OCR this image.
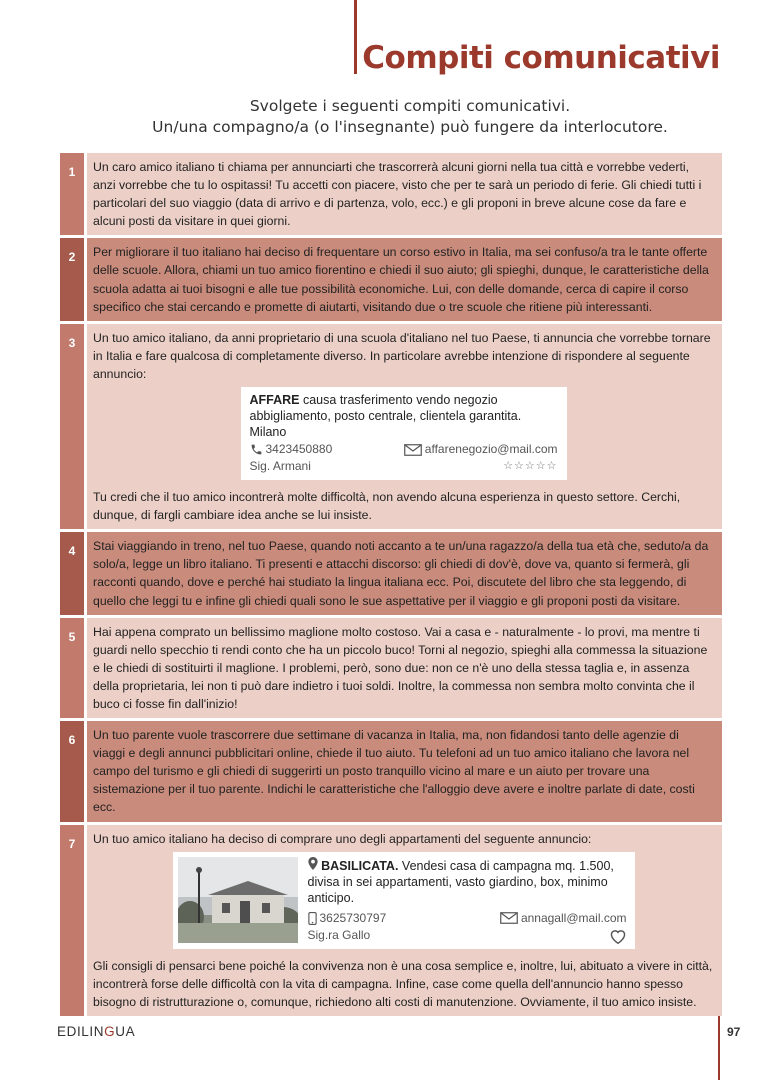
Compiti comunicativi
Svolgete i seguenti compiti comunicativi.
Un/una compagno/a (o l'insegnante) può fungere da interlocutore.
1	Un caro amico italiano ti chiama per annunciarti che trascorrerà alcuni giorni nella tua città e vorrebbe vederti, anzi vorrebbe che tu lo ospitassi! Tu accetti con piacere, visto che per te sarà un periodo di ferie. Gli chiedi tutti i particolari del suo viaggio (data di arrivo e di partenza, volo, ecc.) e gli proponi in breve alcune cose da fare e alcuni posti da visitare in quei giorni.
2	Per migliorare il tuo italiano hai deciso di frequentare un corso estivo in Italia, ma sei confuso/a tra le tante offerte delle scuole. Allora, chiami un tuo amico fiorentino e chiedi il suo aiuto; gli spieghi, dunque, le caratteristiche della scuola adatta ai tuoi bisogni e alle tue possibilità economiche. Lui, con delle domande, cerca di capire il corso specifico che stai cercando e promette di aiutarti, visitando due o tre scuole che ritiene più interessanti.
3	Un tuo amico italiano, da anni proprietario di una scuola d'italiano nel tuo Paese, ti annuncia che vorrebbe tornare in Italia e fare qualcosa di completamente diverso. In particolare avrebbe intenzione di rispondere al seguente annuncio:
AFFARE causa trasferimento vendo negozio abbigliamento, posto centrale, clientela garantita. Milano
3423450880	affarenegozio@mail.com
Sig. Armani	☆☆☆☆☆
Tu credi che il tuo amico incontrerà molte difficoltà, non avendo alcuna esperienza in questo settore. Cerchi, dunque, di fargli cambiare idea anche se lui insiste.
4	Stai viaggiando in treno, nel tuo Paese, quando noti accanto a te un/una ragazzo/a della tua età che, seduto/a da solo/a, legge un libro italiano. Ti presenti e attacchi discorso: gli chiedi di dov'è, dove va, quanto si fermerà, gli racconti quando, dove e perché hai studiato la lingua italiana ecc. Poi, discutete del libro che sta leggendo, di quello che leggi tu e infine gli chiedi quali sono le sue aspettative per il viaggio e gli proponi posti da visitare.
5	Hai appena comprato un bellissimo maglione molto costoso. Vai a casa e - naturalmente - lo provi, ma mentre ti guardi nello specchio ti rendi conto che ha un piccolo buco! Torni al negozio, spieghi alla commessa la situazione e le chiedi di sostituirti il maglione. I problemi, però, sono due: non ce n'è uno della stessa taglia e, in assenza della proprietaria, lei non ti può dare indietro i tuoi soldi. Inoltre, la commessa non sembra molto convinta che il buco ci fosse fin dall'inizio!
6	Un tuo parente vuole trascorrere due settimane di vacanza in Italia, ma, non fidandosi tanto delle agenzie di viaggi e degli annunci pubblicitari online, chiede il tuo aiuto. Tu telefoni ad un tuo amico italiano che lavora nel campo del turismo e gli chiedi di suggerirti un posto tranquillo vicino al mare e un aiuto per trovare una sistemazione per il tuo parente. Indichi le caratteristiche che l'alloggio deve avere e inoltre parlate di date, costi ecc.
7	Un tuo amico italiano ha deciso di comprare uno degli appartamenti del seguente annuncio:
BASILICATA. Vendesi casa di campagna mq. 1.500, divisa in sei appartamenti, vasto giardino, box, minimo anticipo.
3625730797	annagall@mail.com
Sig.ra Gallo
Gli consigli di pensarci bene poiché la convivenza non è una cosa semplice e, inoltre, lui, abituato a vivere in città, incontrerà forse delle difficoltà con la vita di campagna. Infine, case come quella dell'annuncio hanno spesso bisogno di ristrutturazione o, comunque, richiedono alti costi di manutenzione. Ovviamente, il tuo amico insiste.
EDILINGUA	97
